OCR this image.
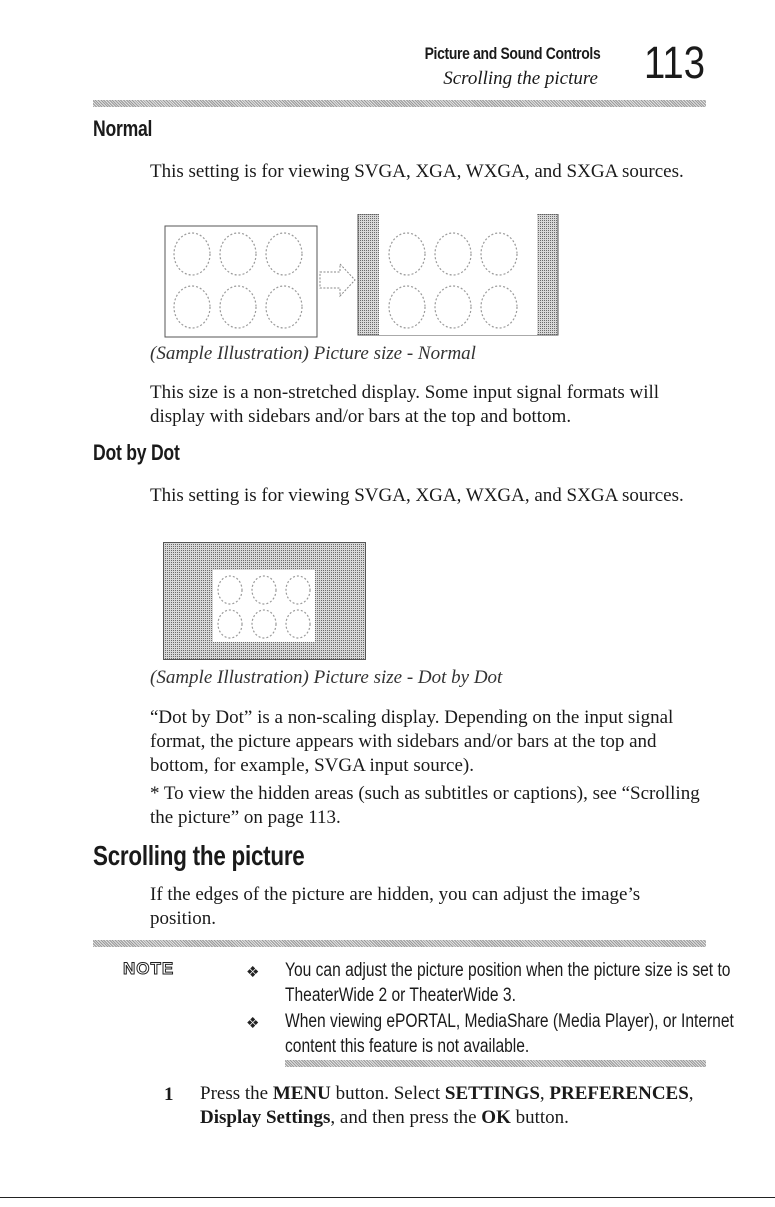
Picture and Sound Controls
Scrolling the picture 113
Normal
This setting is for viewing SVGA, XGA, WXGA, and SXGA sources.
(Sample Illustration) Picture size - Normal
This size is a non-stretched display. Some input signal formats will display with sidebars and/or bars at the top and bottom.
Dot by Dot
This setting is for viewing SVGA, XGA, WXGA, and SXGA sources.
(Sample Illustration) Picture size - Dot by Dot
“Dot by Dot” is a non-scaling display. Depending on the input signal format, the picture appears with sidebars and/or bars at the top and bottom, for example, SVGA input source).
* To view the hidden areas (such as subtitles or captions), see “Scrolling the picture” on page 113.
Scrolling the picture
If the edges of the picture are hidden, you can adjust the image’s position.
NOTE	❖ You can adjust the picture position when the picture size is set to TheaterWide 2 or TheaterWide 3.
❖ When viewing ePORTAL, MediaShare (Media Player), or Internet content this feature is not available.
1 Press the MENU button. Select SETTINGS, PREFERENCES, Display Settings, and then press the OK button.
